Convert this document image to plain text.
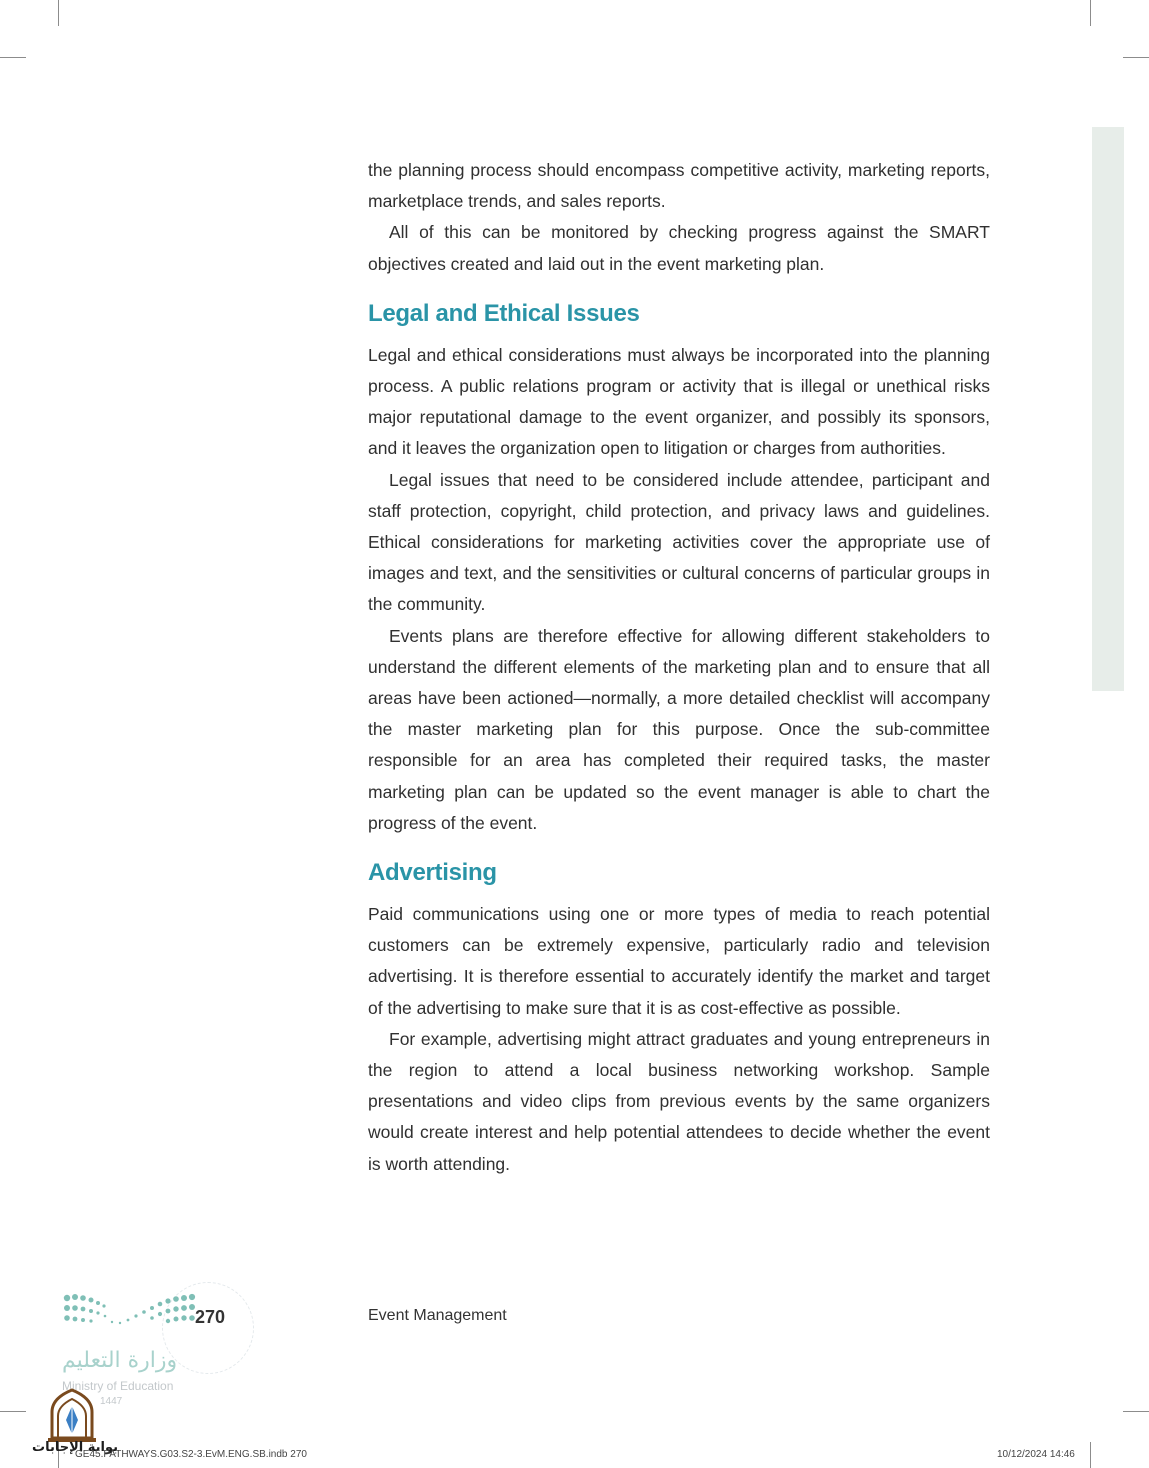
the planning process should encompass competitive activity, marketing reports, marketplace trends, and sales reports.

All of this can be monitored by checking progress against the SMART objectives created and laid out in the event marketing plan.

Legal and Ethical Issues

Legal and ethical considerations must always be incorporated into the planning process. A public relations program or activity that is illegal or unethical risks major reputational damage to the event organizer, and possibly its sponsors, and it leaves the organization open to litigation or charges from authorities.

Legal issues that need to be considered include attendee, participant and staff protection, copyright, child protection, and privacy laws and guidelines. Ethical considerations for marketing activities cover the appropriate use of images and text, and the sensitivities or cultural concerns of particular groups in the community.

Events plans are therefore effective for allowing different stakeholders to understand the different elements of the marketing plan and to ensure that all areas have been actioned—normally, a more detailed checklist will accompany the master marketing plan for this purpose. Once the sub-committee responsible for an area has completed their required tasks, the master marketing plan can be updated so the event manager is able to chart the progress of the event.

Advertising

Paid communications using one or more types of media to reach potential customers can be extremely expensive, particularly radio and television advertising. It is therefore essential to accurately identify the market and target of the advertising to make sure that it is as cost-effective as possible.

For example, advertising might attract graduates and young entrepreneurs in the region to attend a local business networking workshop. Sample presentations and video clips from previous events by the same organizers would create interest and help potential attendees to decide whether the event is worth attending.

270	Event Management
وزارة التعليم
Ministry of Education
1447
بوابة الإجابات
GE45.PATHWAYS.G03.S2-3.EvM.ENG.SB.indb 270	10/12/2024 14:46
